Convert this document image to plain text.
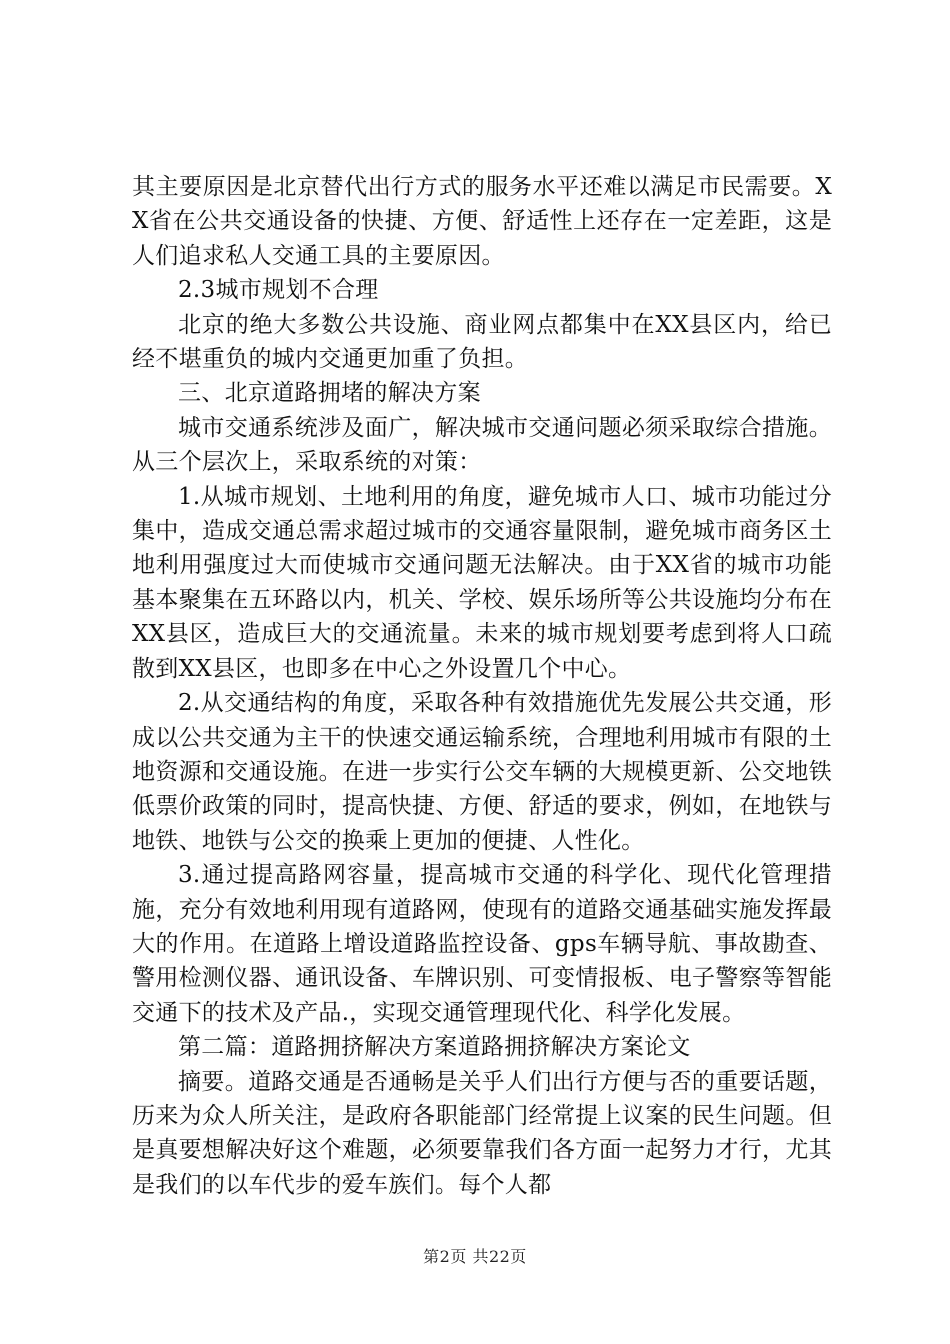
其主要原因是北京替代出行方式的服务水平还难以满足市民需要。XX省在公共交通设备的快捷、方便、舒适性上还存在一定差距，这是人们追求私人交通工具的主要原因。

2.3城市规划不合理

北京的绝大多数公共设施、商业网点都集中在XX县区内，给已经不堪重负的城内交通更加重了负担。

三、北京道路拥堵的解决方案

城市交通系统涉及面广，解决城市交通问题必须采取综合措施。从三个层次上，采取系统的对策：

1.从城市规划、土地利用的角度，避免城市人口、城市功能过分集中，造成交通总需求超过城市的交通容量限制，避免城市商务区土地利用强度过大而使城市交通问题无法解决。由于XX省的城市功能基本聚集在五环路以内，机关、学校、娱乐场所等公共设施均分布在XX县区，造成巨大的交通流量。未来的城市规划要考虑到将人口疏散到XX县区，也即多在中心之外设置几个中心。

2.从交通结构的角度，采取各种有效措施优先发展公共交通，形成以公共交通为主干的快速交通运输系统，合理地利用城市有限的土地资源和交通设施。在进一步实行公交车辆的大规模更新、公交地铁低票价政策的同时，提高快捷、方便、舒适的要求，例如，在地铁与地铁、地铁与公交的换乘上更加的便捷、人性化。

3.通过提高路网容量，提高城市交通的科学化、现代化管理措施，充分有效地利用现有道路网，使现有的道路交通基础实施发挥最大的作用。在道路上增设道路监控设备、gps车辆导航、事故勘查、警用检测仪器、通讯设备、车牌识别、可变情报板、电子警察等智能交通下的技术及产品.，实现交通管理现代化、科学化发展。

第二篇：道路拥挤解决方案道路拥挤解决方案论文

摘要。道路交通是否通畅是关乎人们出行方便与否的重要话题，历来为众人所关注，是政府各职能部门经常提上议案的民生问题。但是真要想解决好这个难题，必须要靠我们各方面一起努力才行，尤其是我们的以车代步的爱车族们。每个人都

第2页 共22页
